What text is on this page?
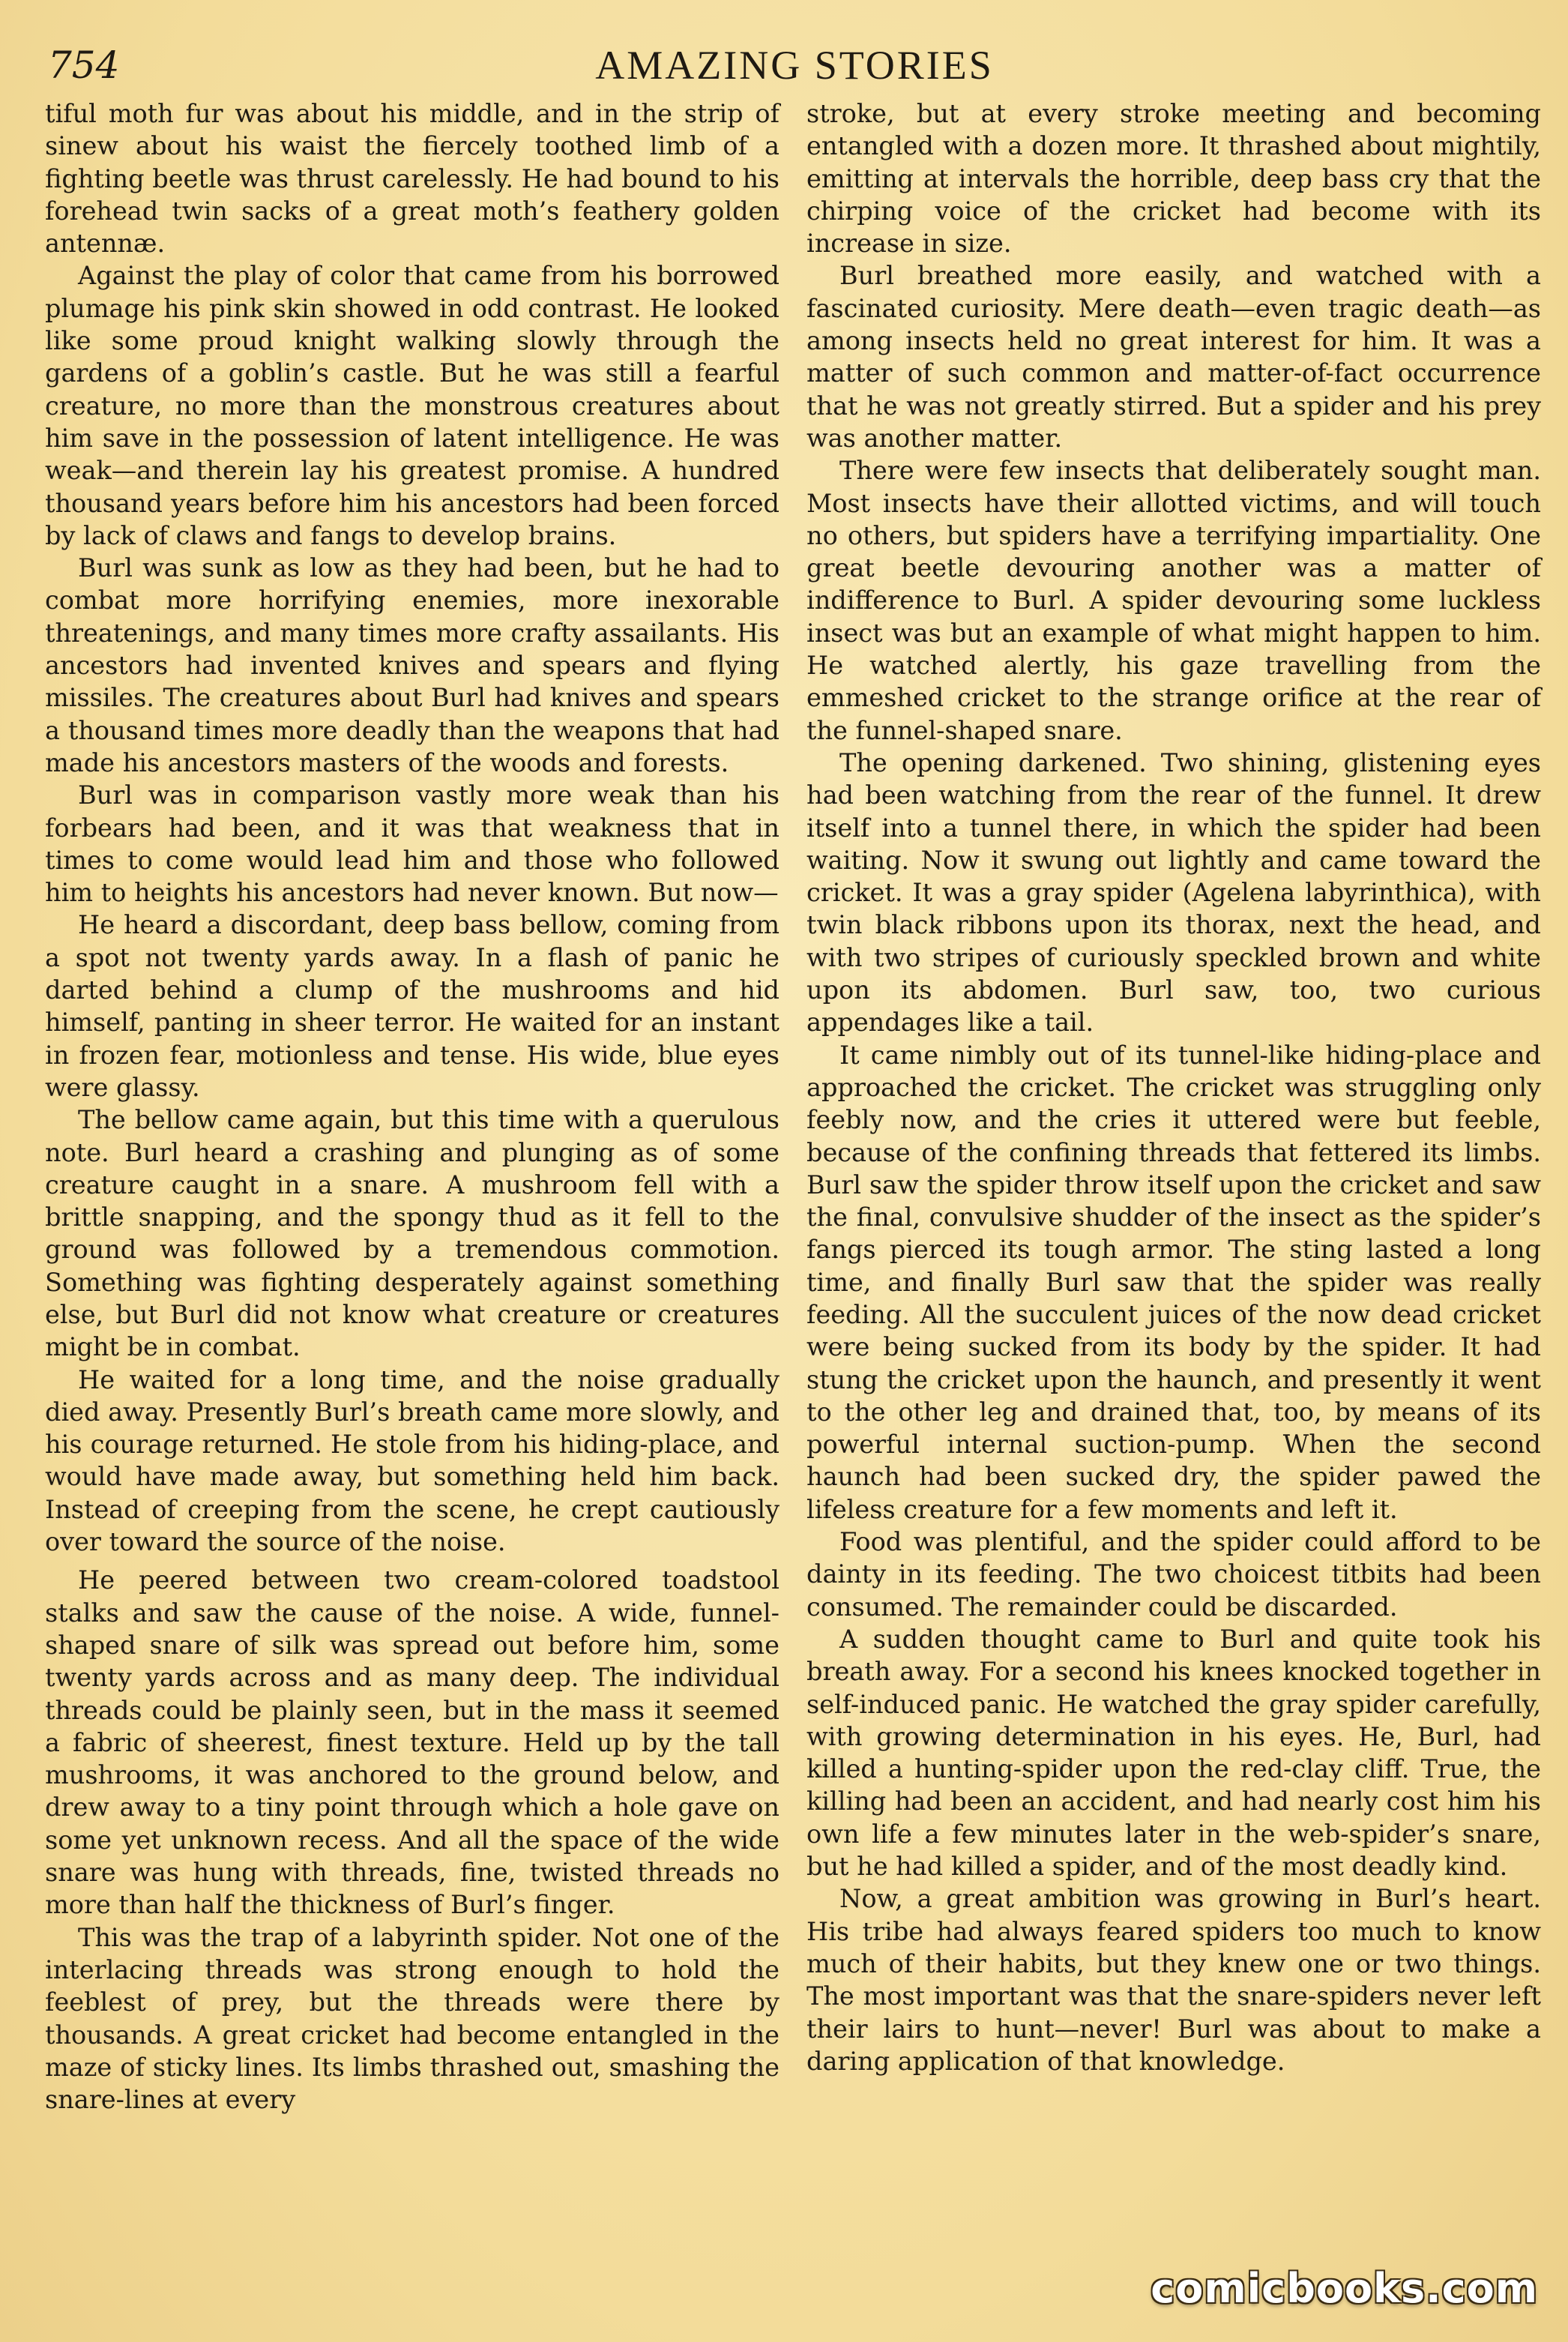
754	AMAZING STORIES

tiful moth fur was about his middle, and in the strip of sinew about his waist the fiercely toothed limb of a fighting beetle was thrust carelessly. He had bound to his forehead twin sacks of a great moth’s feathery golden antennæ.

Against the play of color that came from his borrowed plumage his pink skin showed in odd contrast. He looked like some proud knight walking slowly through the gardens of a goblin’s castle. But he was still a fearful creature, no more than the monstrous creatures about him save in the possession of latent intelligence. He was weak—and therein lay his greatest promise. A hundred thousand years before him his ancestors had been forced by lack of claws and fangs to develop brains.

Burl was sunk as low as they had been, but he had to combat more horrifying enemies, more inexorable threatenings, and many times more crafty assailants. His ancestors had invented knives and spears and flying missiles. The creatures about Burl had knives and spears a thousand times more deadly than the weapons that had made his ancestors masters of the woods and forests.

Burl was in comparison vastly more weak than his forbears had been, and it was that weakness that in times to come would lead him and those who followed him to heights his ancestors had never known. But now—

He heard a discordant, deep bass bellow, coming from a spot not twenty yards away. In a flash of panic he darted behind a clump of the mushrooms and hid himself, panting in sheer terror. He waited for an instant in frozen fear, motionless and tense. His wide, blue eyes were glassy.

The bellow came again, but this time with a querulous note. Burl heard a crashing and plunging as of some creature caught in a snare. A mushroom fell with a brittle snapping, and the spongy thud as it fell to the ground was followed by a tremendous commotion. Something was fighting desperately against something else, but Burl did not know what creature or creatures might be in combat.

He waited for a long time, and the noise gradually died away. Presently Burl’s breath came more slowly, and his courage returned. He stole from his hiding-place, and would have made away, but something held him back. Instead of creeping from the scene, he crept cautiously over toward the source of the noise.

He peered between two cream-colored toadstool stalks and saw the cause of the noise. A wide, funnel-shaped snare of silk was spread out before him, some twenty yards across and as many deep. The individual threads could be plainly seen, but in the mass it seemed a fabric of sheerest, finest texture. Held up by the tall mushrooms, it was anchored to the ground below, and drew away to a tiny point through which a hole gave on some yet unknown recess. And all the space of the wide snare was hung with threads, fine, twisted threads no more than half the thickness of Burl’s finger.

This was the trap of a labyrinth spider. Not one of the interlacing threads was strong enough to hold the feeblest of prey, but the threads were there by thousands. A great cricket had become entangled in the maze of sticky lines. Its limbs thrashed out, smashing the snare-lines at every

stroke, but at every stroke meeting and becoming entangled with a dozen more. It thrashed about mightily, emitting at intervals the horrible, deep bass cry that the chirping voice of the cricket had become with its increase in size.

Burl breathed more easily, and watched with a fascinated curiosity. Mere death—even tragic death—as among insects held no great interest for him. It was a matter of such common and matter-of-fact occurrence that he was not greatly stirred. But a spider and his prey was another matter.

There were few insects that deliberately sought man. Most insects have their allotted victims, and will touch no others, but spiders have a terrifying impartiality. One great beetle devouring another was a matter of indifference to Burl. A spider devouring some luckless insect was but an example of what might happen to him. He watched alertly, his gaze travelling from the emmeshed cricket to the strange orifice at the rear of the funnel-shaped snare.

The opening darkened. Two shining, glistening eyes had been watching from the rear of the funnel. It drew itself into a tunnel there, in which the spider had been waiting. Now it swung out lightly and came toward the cricket. It was a gray spider (Agelena labyrinthica), with twin black ribbons upon its thorax, next the head, and with two stripes of curiously speckled brown and white upon its abdomen. Burl saw, too, two curious appendages like a tail.

It came nimbly out of its tunnel-like hiding-place and approached the cricket. The cricket was struggling only feebly now, and the cries it uttered were but feeble, because of the confining threads that fettered its limbs. Burl saw the spider throw itself upon the cricket and saw the final, convulsive shudder of the insect as the spider’s fangs pierced its tough armor. The sting lasted a long time, and finally Burl saw that the spider was really feeding. All the succulent juices of the now dead cricket were being sucked from its body by the spider. It had stung the cricket upon the haunch, and presently it went to the other leg and drained that, too, by means of its powerful internal suction-pump. When the second haunch had been sucked dry, the spider pawed the lifeless creature for a few moments and left it.

Food was plentiful, and the spider could afford to be dainty in its feeding. The two choicest titbits had been consumed. The remainder could be discarded.

A sudden thought came to Burl and quite took his breath away. For a second his knees knocked together in self-induced panic. He watched the gray spider carefully, with growing determination in his eyes. He, Burl, had killed a hunting-spider upon the red-clay cliff. True, the killing had been an accident, and had nearly cost him his own life a few minutes later in the web-spider’s snare, but he had killed a spider, and of the most deadly kind.

Now, a great ambition was growing in Burl’s heart. His tribe had always feared spiders too much to know much of their habits, but they knew one or two things. The most important was that the snare-spiders never left their lairs to hunt—never! Burl was about to make a daring application of that knowledge.

comicbooks.com
